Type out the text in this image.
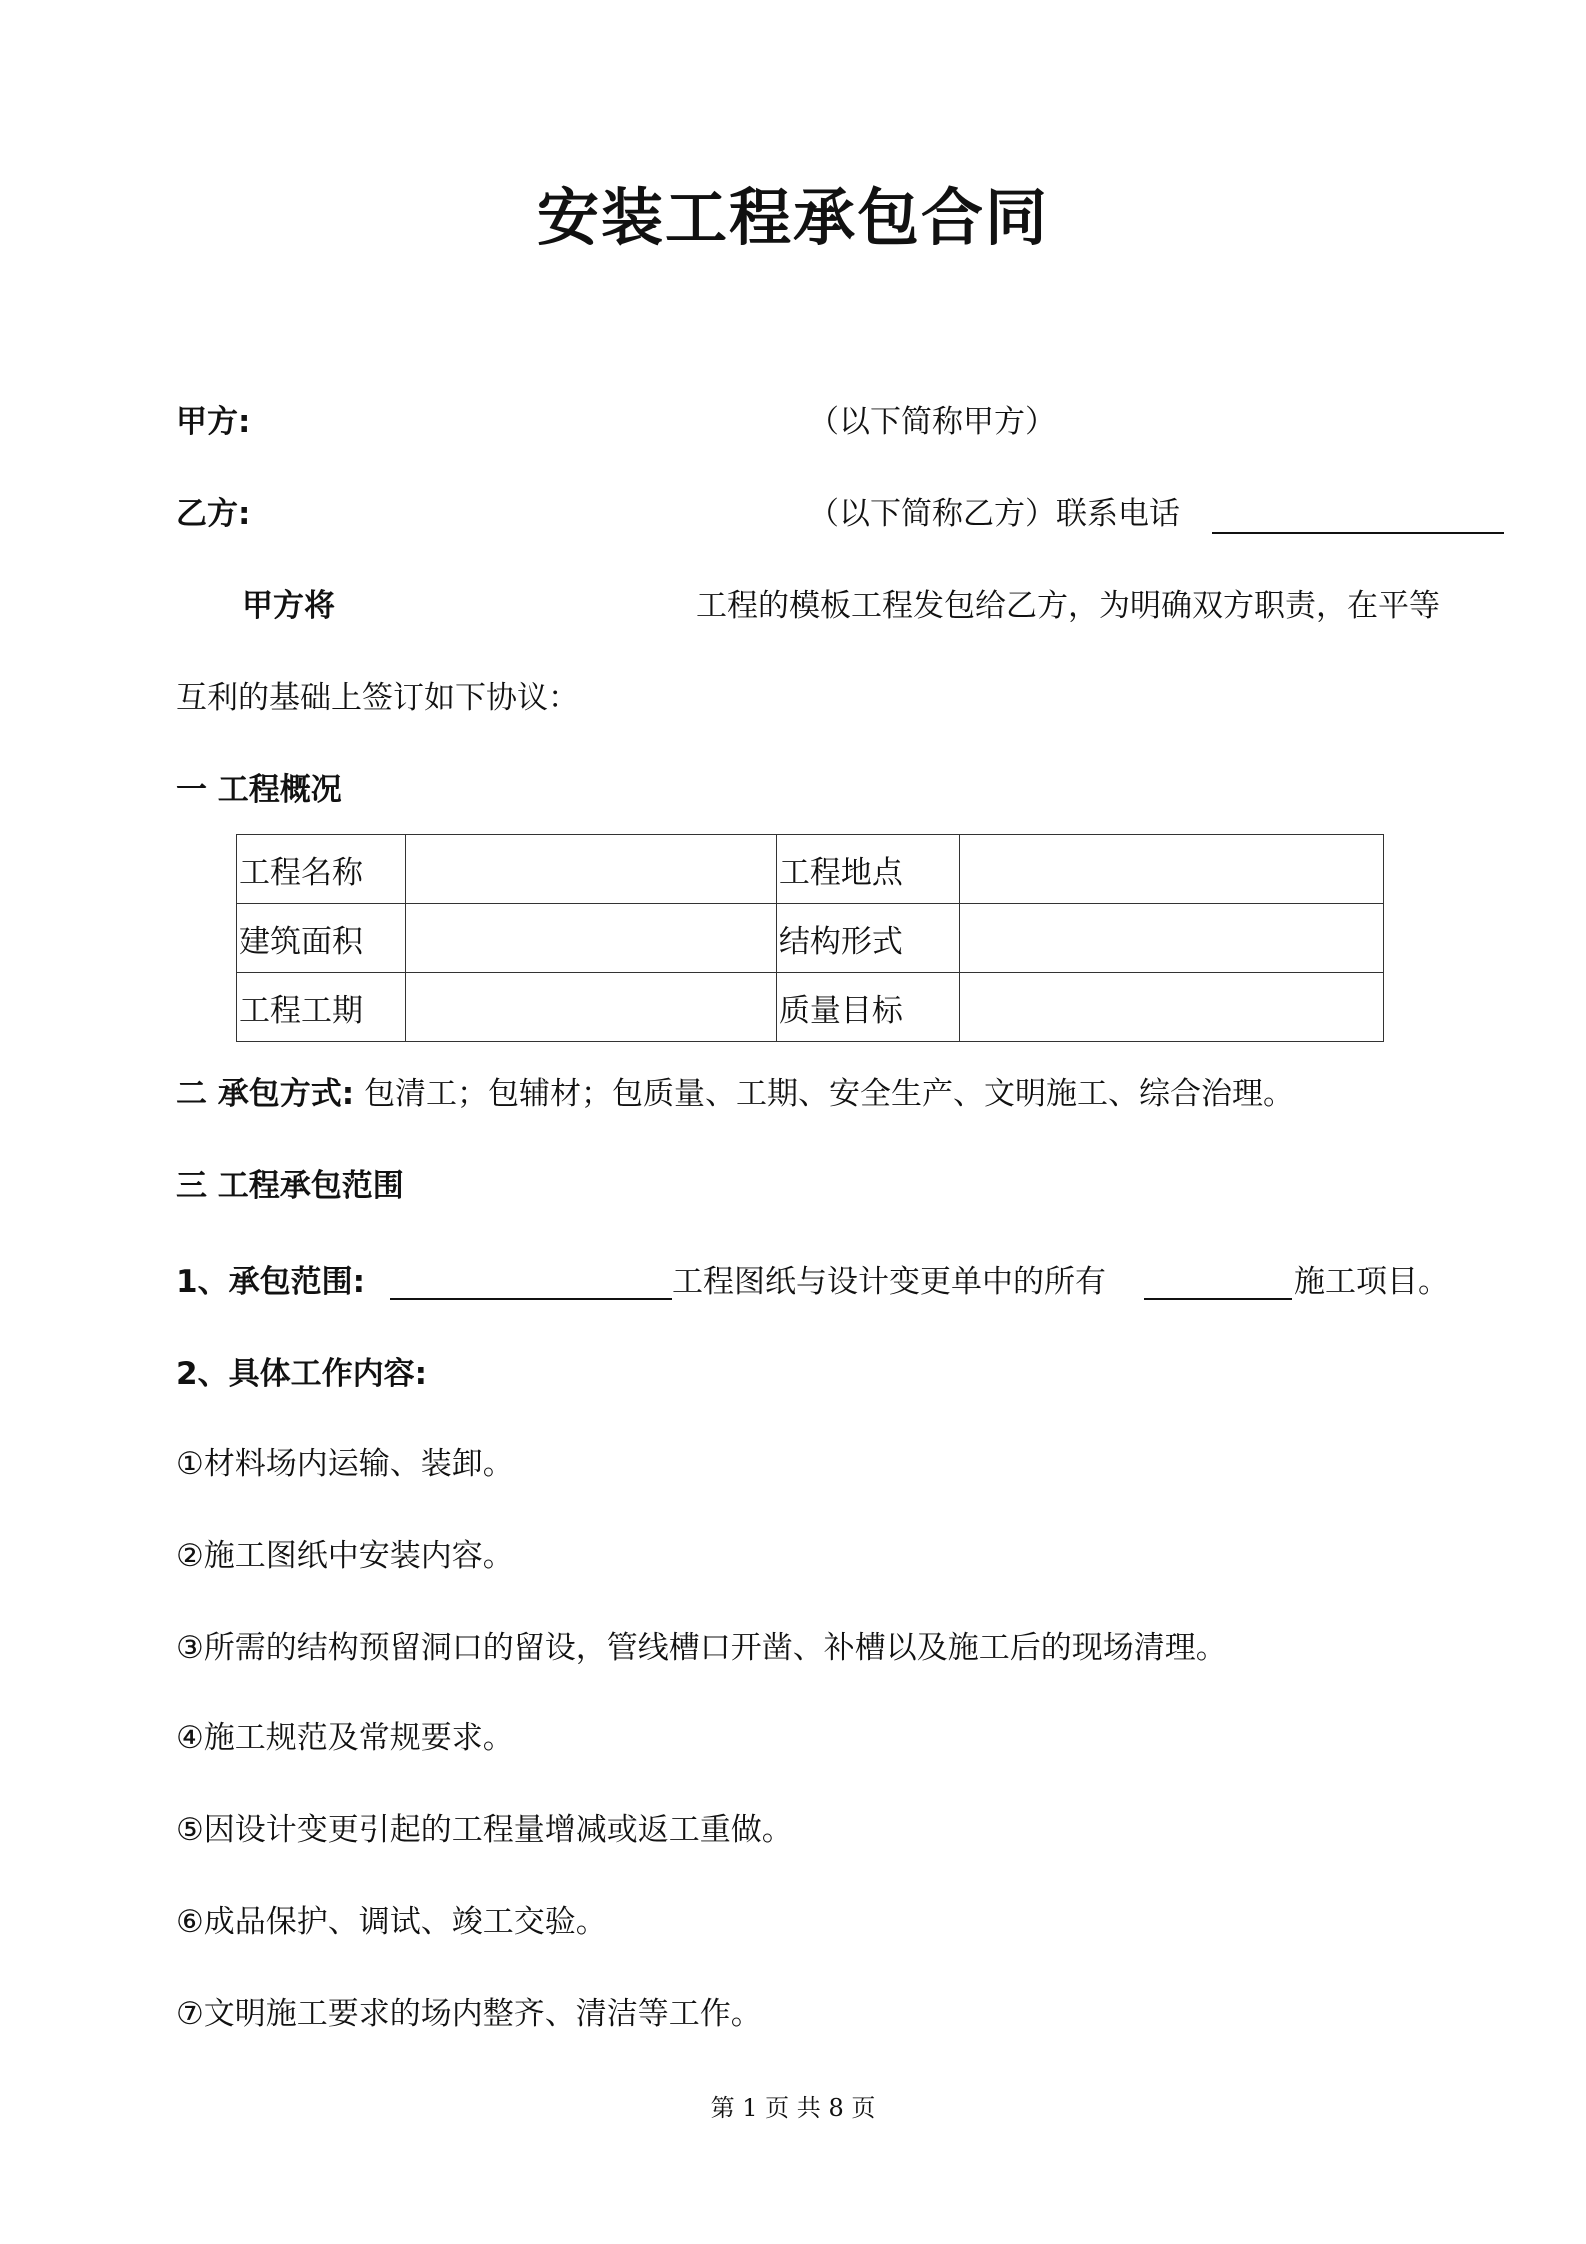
安装工程承包合同
甲方:	（以下简称甲方）
乙方:	（以下简称乙方）联系电话
甲方将	工程的模板工程发包给乙方，为明确双方职责，在平等
互利的基础上签订如下协议：
一 工程概况
工程名称		工程地点	
建筑面积		结构形式	
工程工期		质量目标	
二 承包方式: 包清工；包辅材；包质量、工期、安全生产、文明施工、综合治理。
三 工程承包范围
1、承包范围:	工程图纸与设计变更单中的所有	施工项目。
2、具体工作内容:
①材料场内运输、装卸。
②施工图纸中安装内容。
③所需的结构预留洞口的留设，管线槽口开凿、补槽以及施工后的现场清理。
④施工规范及常规要求。
⑤因设计变更引起的工程量增减或返工重做。
⑥成品保护、调试、竣工交验。
⑦文明施工要求的场内整齐、清洁等工作。
第 1 页 共 8 页
